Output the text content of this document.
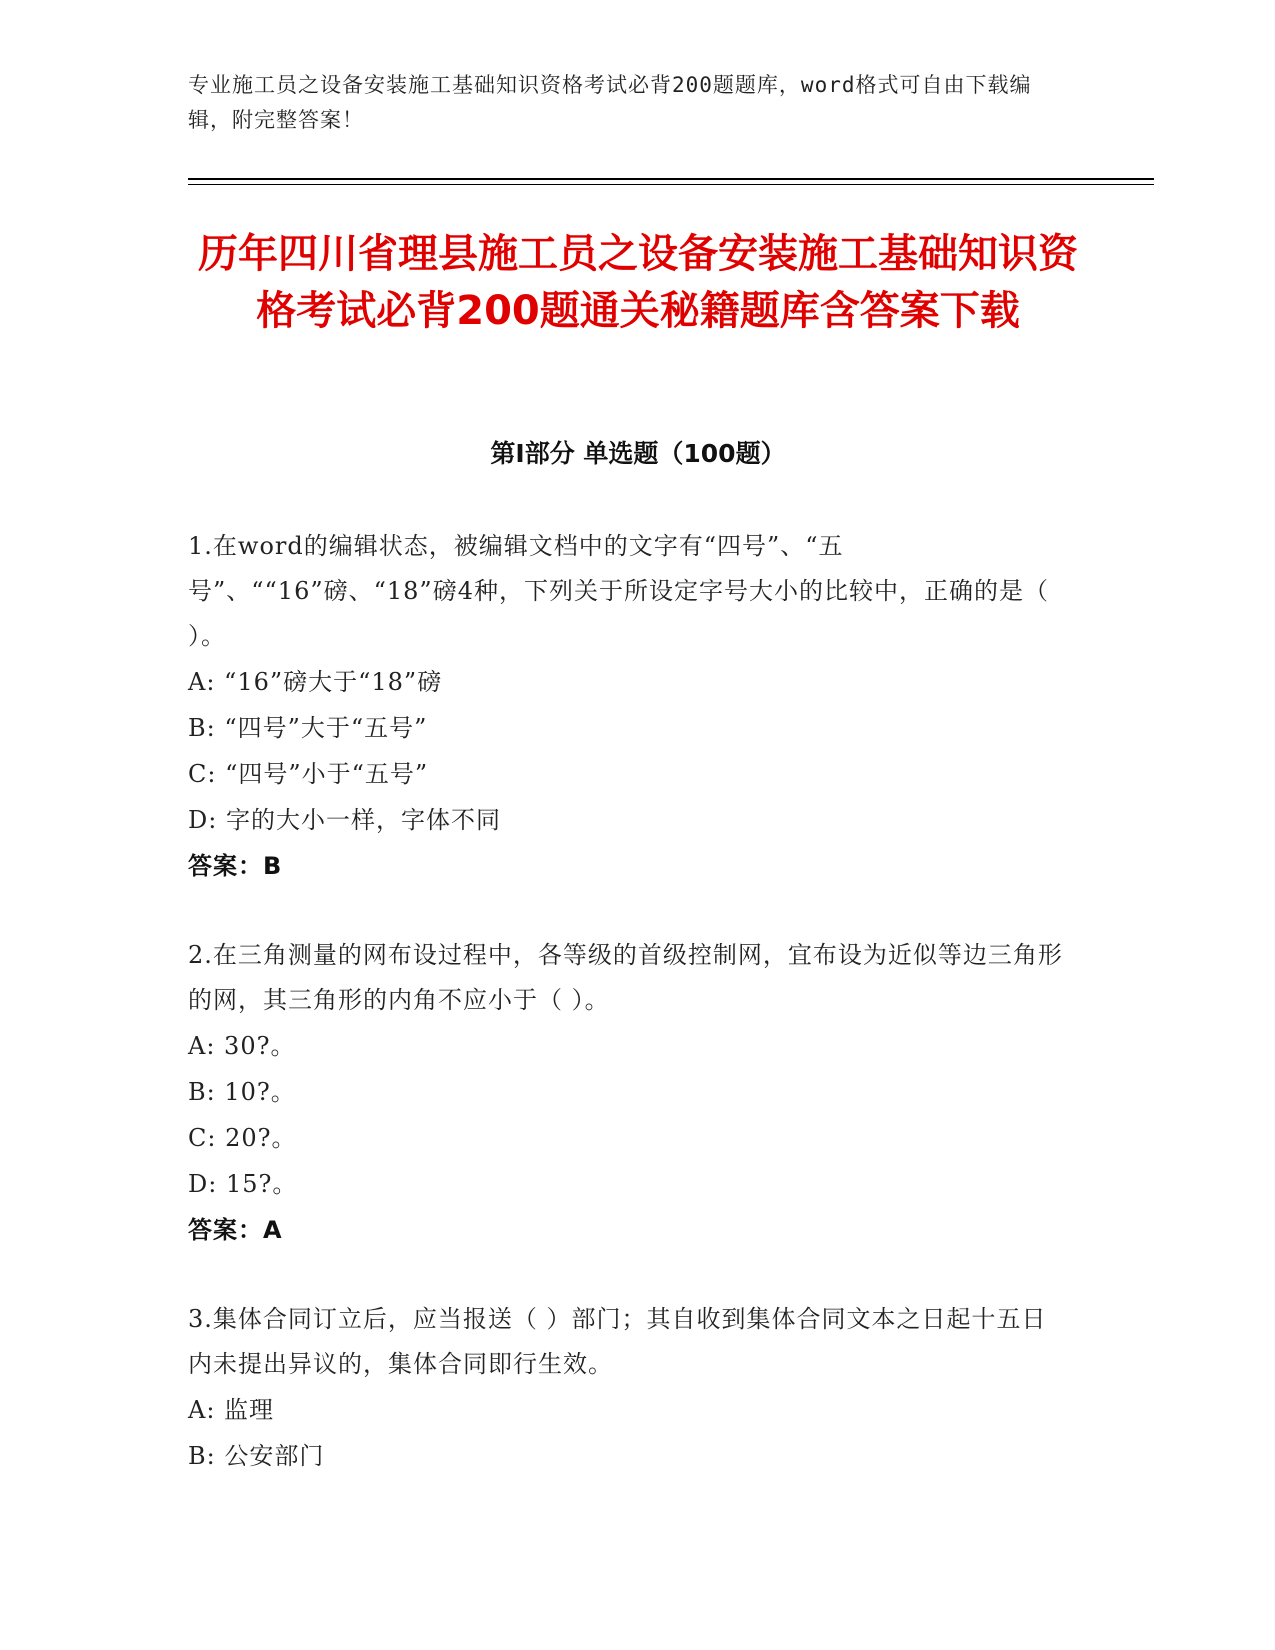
专业施工员之设备安装施工基础知识资格考试必背200题题库，word格式可自由下载编辑，附完整答案！
历年四川省理县施工员之设备安装施工基础知识资格考试必背200题通关秘籍题库含答案下载
第I部分 单选题（100题）
1.在word的编辑状态，被编辑文档中的文字有“四号”、“五号”、““16”磅、“18”磅4种，下列关于所设定字号大小的比较中，正确的是（ ）。
A: “16”磅大于“18”磅
B: “四号”大于“五号”
C: “四号”小于“五号”
D: 字的大小一样，字体不同
答案：B
2.在三角测量的网布设过程中，各等级的首级控制网，宜布设为近似等边三角形的网，其三角形的内角不应小于（ ）。
A: 30?。
B: 10?。
C: 20?。
D: 15?。
答案：A
3.集体合同订立后，应当报送（ ）部门；其自收到集体合同文本之日起十五日内未提出异议的，集体合同即行生效。
A: 监理
B: 公安部门
